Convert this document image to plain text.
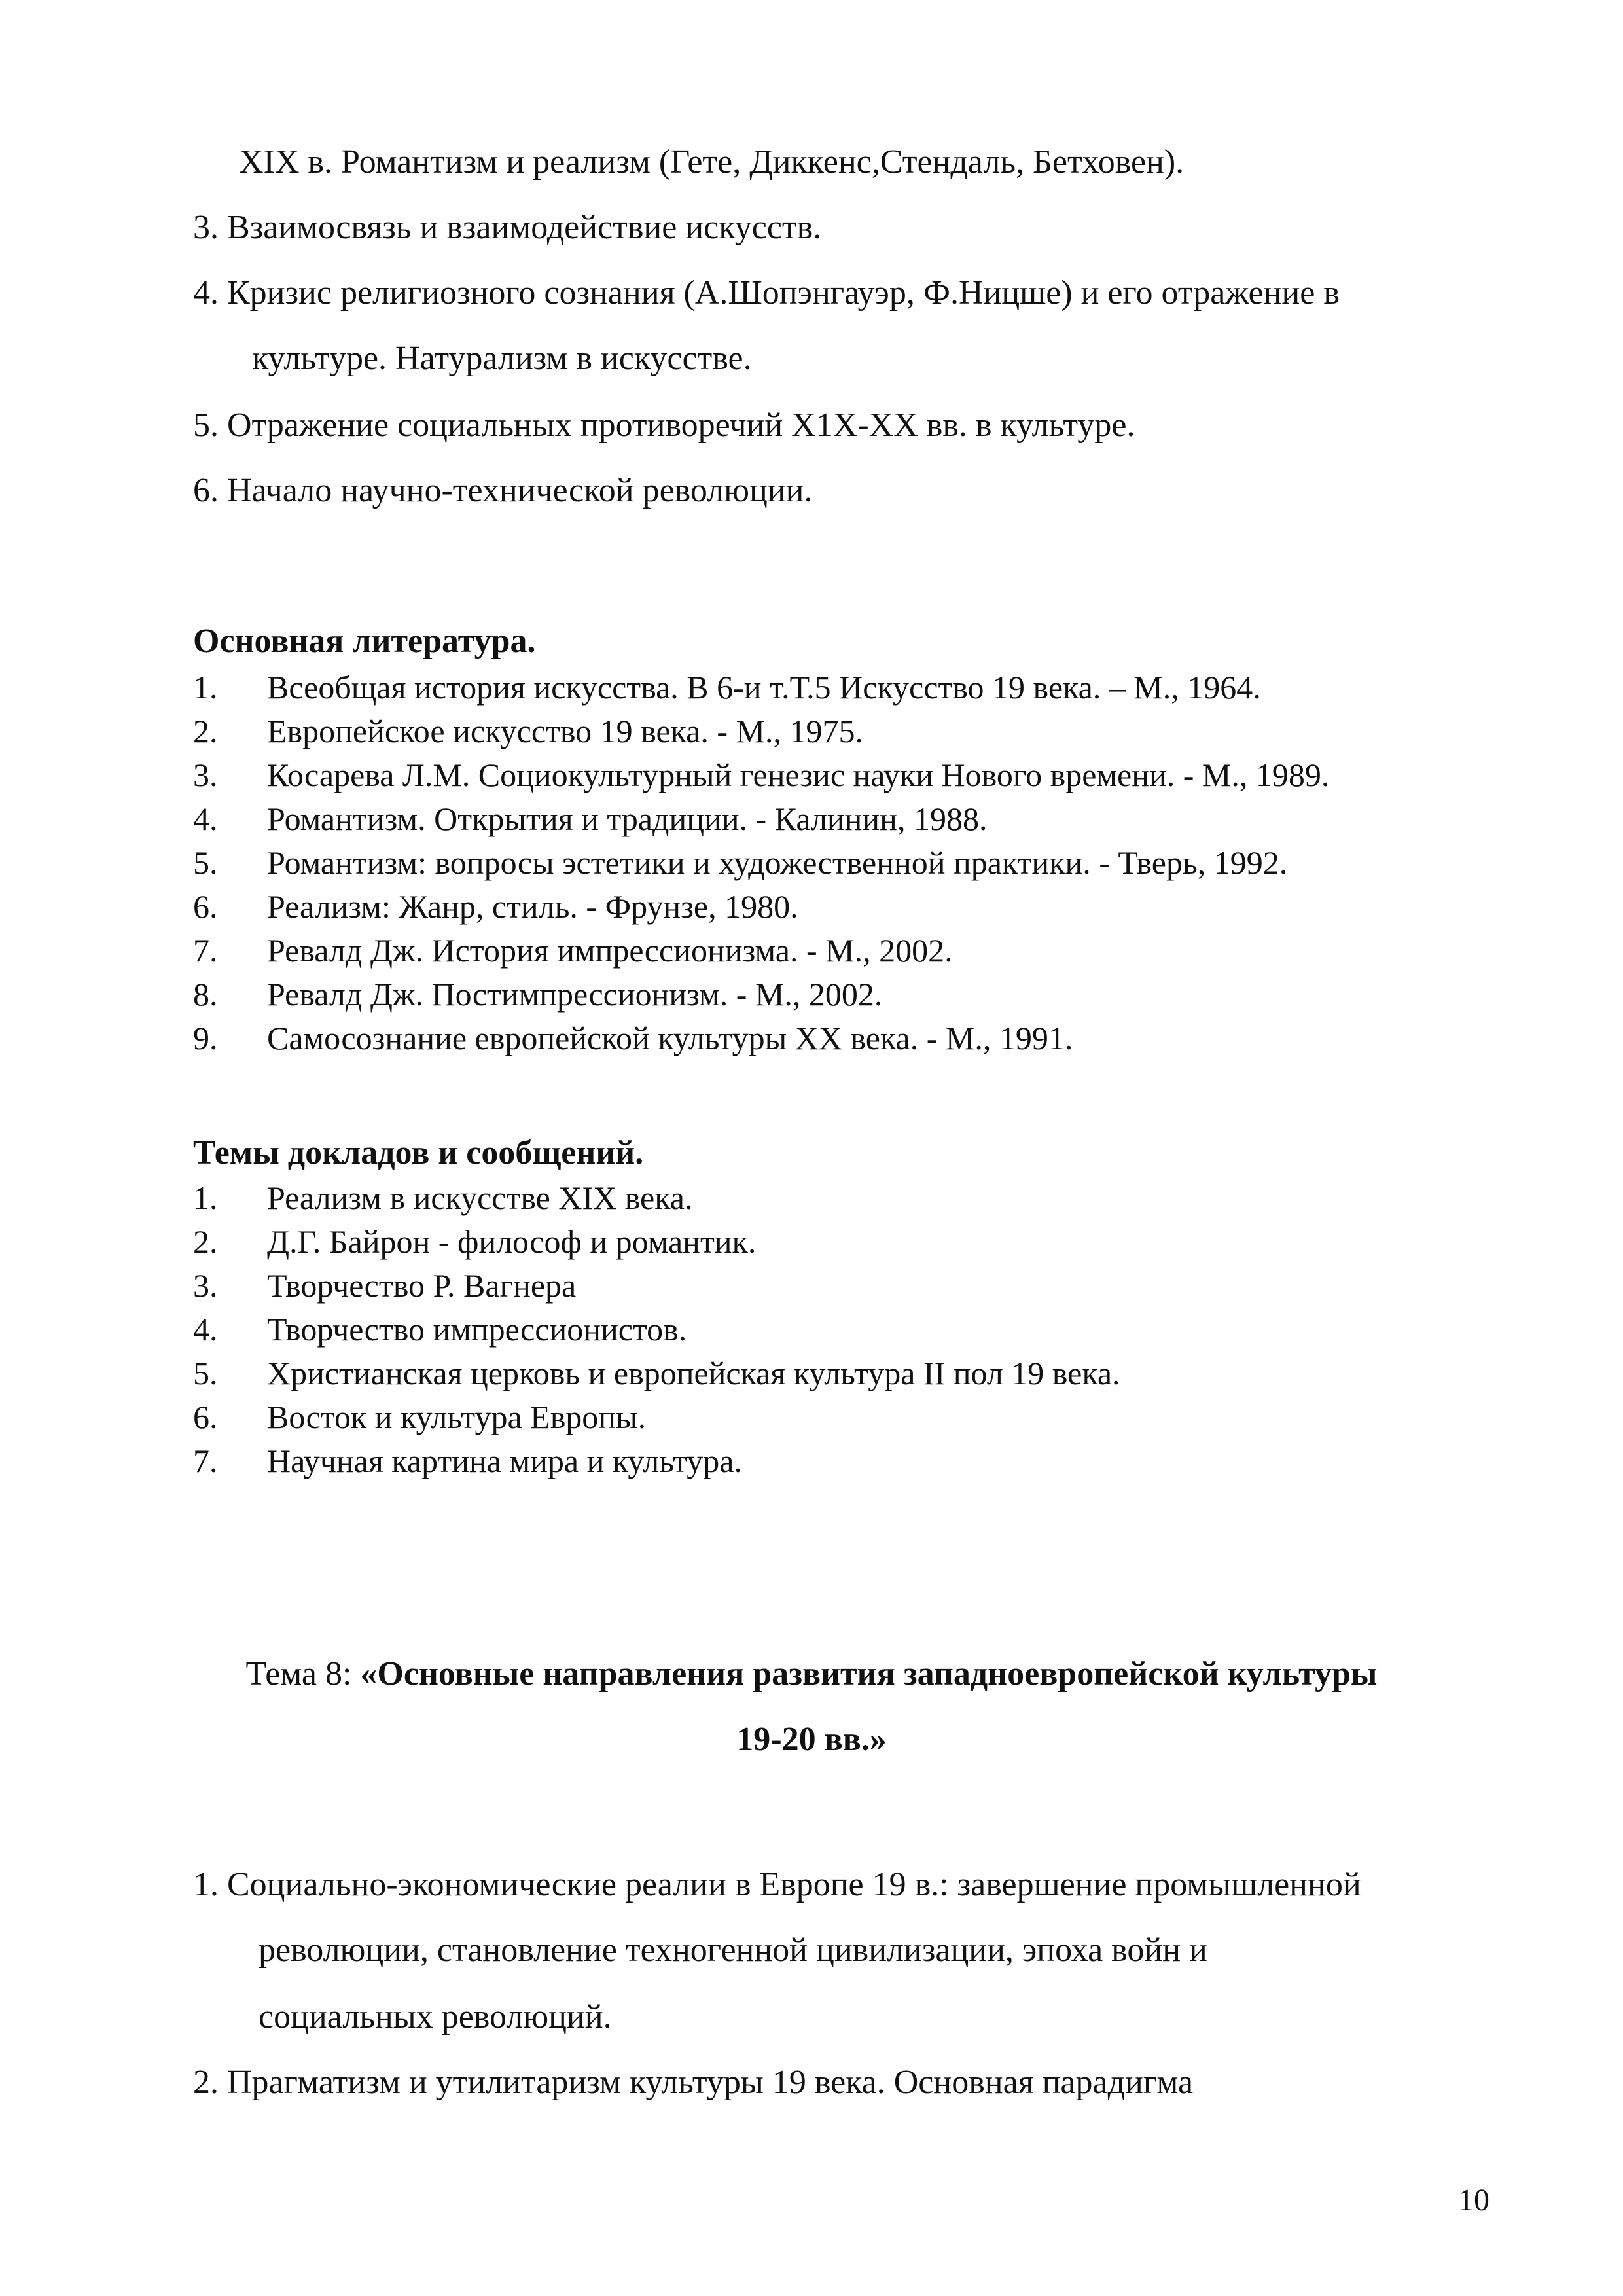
XIX в. Романтизм и реализм (Гете, Диккенс,Стендаль, Бетховен).
3. Взаимосвязь и взаимодействие искусств.
4. Кризис религиозного сознания (А.Шопэнгауэр, Ф.Ницше) и его отражение в
культуре. Натурализм в искусстве.
5. Отражение социальных противоречий X1X-XX вв. в культуре.
6. Начало научно-технической революции.
Основная литература.
1.	Всеобщая история искусства. В 6-и т.Т.5 Искусство 19 века. – М., 1964.
2.	Европейское искусство 19 века. - М., 1975.
3.	Косарева Л.М. Социокультурный генезис науки Нового времени. - М., 1989.
4.	Романтизм. Открытия и традиции. - Калинин, 1988.
5.	Романтизм: вопросы эстетики и художественной практики. - Тверь, 1992.
6.	Реализм: Жанр, стиль. - Фрунзе, 1980.
7.	Ревалд Дж. История импрессионизма. - М., 2002.
8.	Ревалд Дж. Постимпрессионизм. - М., 2002.
9.	Самосознание европейской культуры XX века. - М., 1991.
Темы докладов и сообщений.
1.	Реализм в искусстве XIX века.
2.	Д.Г. Байрон - философ и романтик.
3.	Творчество Р. Вагнера
4.	Творчество импрессионистов.
5.	Христианская церковь и европейская культура II пол 19 века.
6.	Восток и культура Европы.
7.	Научная картина мира и культура.
Тема 8: «Основные направления развития западноевропейской культуры
19-20 вв.»
1. Социально-экономические реалии в Европе 19 в.: завершение промышленной
революции, становление техногенной цивилизации, эпоха войн и
социальных революций.
2. Прагматизм и утилитаризм культуры 19 века. Основная парадигма
10
